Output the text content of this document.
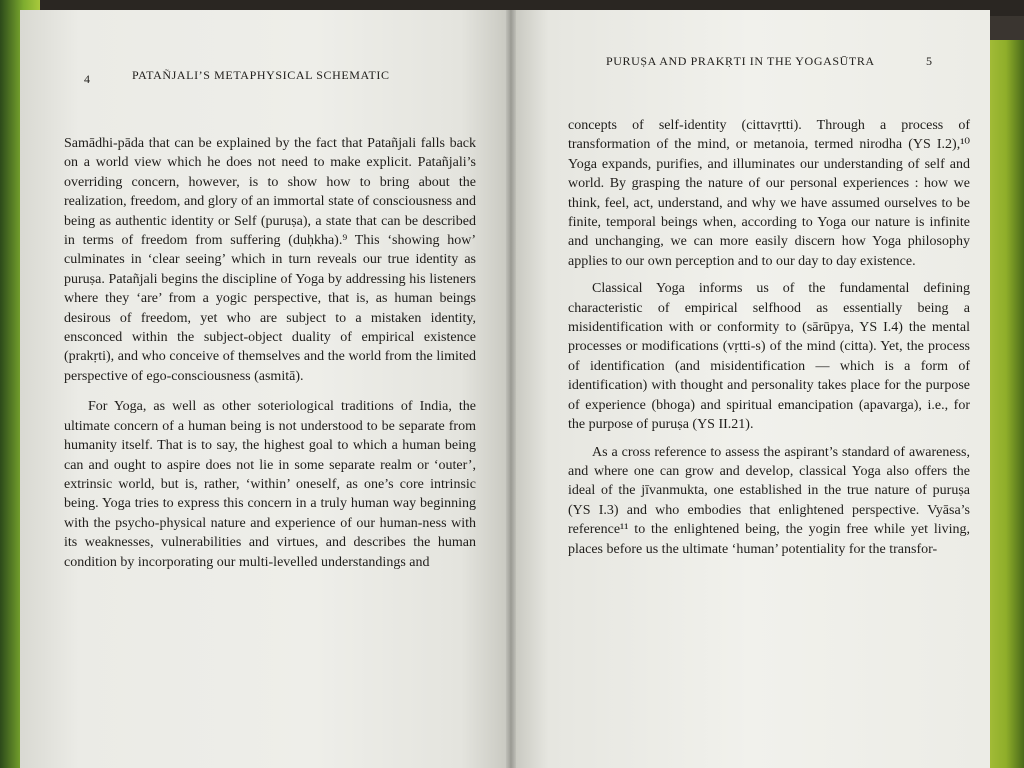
4	PATAÑJALI’S METAPHYSICAL SCHEMATIC

Samādhi-pāda that can be explained by the fact that Patañjali falls back on a world view which he does not need to make explicit. Patañjali’s overriding concern, however, is to show how to bring about the realization, freedom, and glory of an immortal state of consciousness and being as authentic identity or Self (puruṣa), a state that can be described in terms of freedom from suffering (duḥkha).⁹ This ‘showing how’ culminates in ‘clear seeing’ which in turn reveals our true identity as puruṣa. Patañjali begins the discipline of Yoga by addressing his listeners where they ‘are’ from a yogic perspective, that is, as human beings desirous of freedom, yet who are subject to a mistaken identity, ensconced within the subject-object duality of empirical existence (prakṛti), and who conceive of themselves and the world from the limited perspective of ego-consciousness (asmitā).

For Yoga, as well as other soteriological traditions of India, the ultimate concern of a human being is not understood to be separate from humanity itself. That is to say, the highest goal to which a human being can and ought to aspire does not lie in some separate realm or ‘outer’, extrinsic world, but is, rather, ‘within’ oneself, as one’s core intrinsic being. Yoga tries to express this concern in a truly human way beginning with the psycho-physical nature and experience of our human-ness with its weaknesses, vulnerabilities and virtues, and describes the human condition by incorporating our multi-levelled understandings and

PURUṢA AND PRAKṚTI IN THE YOGASŪTRA	5

concepts of self-identity (cittavṛtti). Through a process of transformation of the mind, or metanoia, termed nirodha (YS I.2),¹⁰ Yoga expands, purifies, and illuminates our understanding of self and world. By grasping the nature of our personal experiences : how we think, feel, act, understand, and why we have assumed ourselves to be finite, temporal beings when, according to Yoga our nature is infinite and unchanging, we can more easily discern how Yoga philosophy applies to our own perception and to our day to day existence.

Classical Yoga informs us of the fundamental defining characteristic of empirical selfhood as essentially being a misidentification with or conformity to (sārūpya, YS I.4) the mental processes or modifications (vṛtti-s) of the mind (citta). Yet, the process of identification (and misidentification — which is a form of identification) with thought and personality takes place for the purpose of experience (bhoga) and spiritual emancipation (apavarga), i.e., for the purpose of puruṣa (YS II.21).

As a cross reference to assess the aspirant’s standard of awareness, and where one can grow and develop, classical Yoga also offers the ideal of the jīvanmukta, one established in the true nature of puruṣa (YS I.3) and who embodies that enlightened perspective. Vyāsa’s reference¹¹ to the enlightened being, the yogin free while yet living, places before us the ultimate ‘human’ potentiality for the transfor-
